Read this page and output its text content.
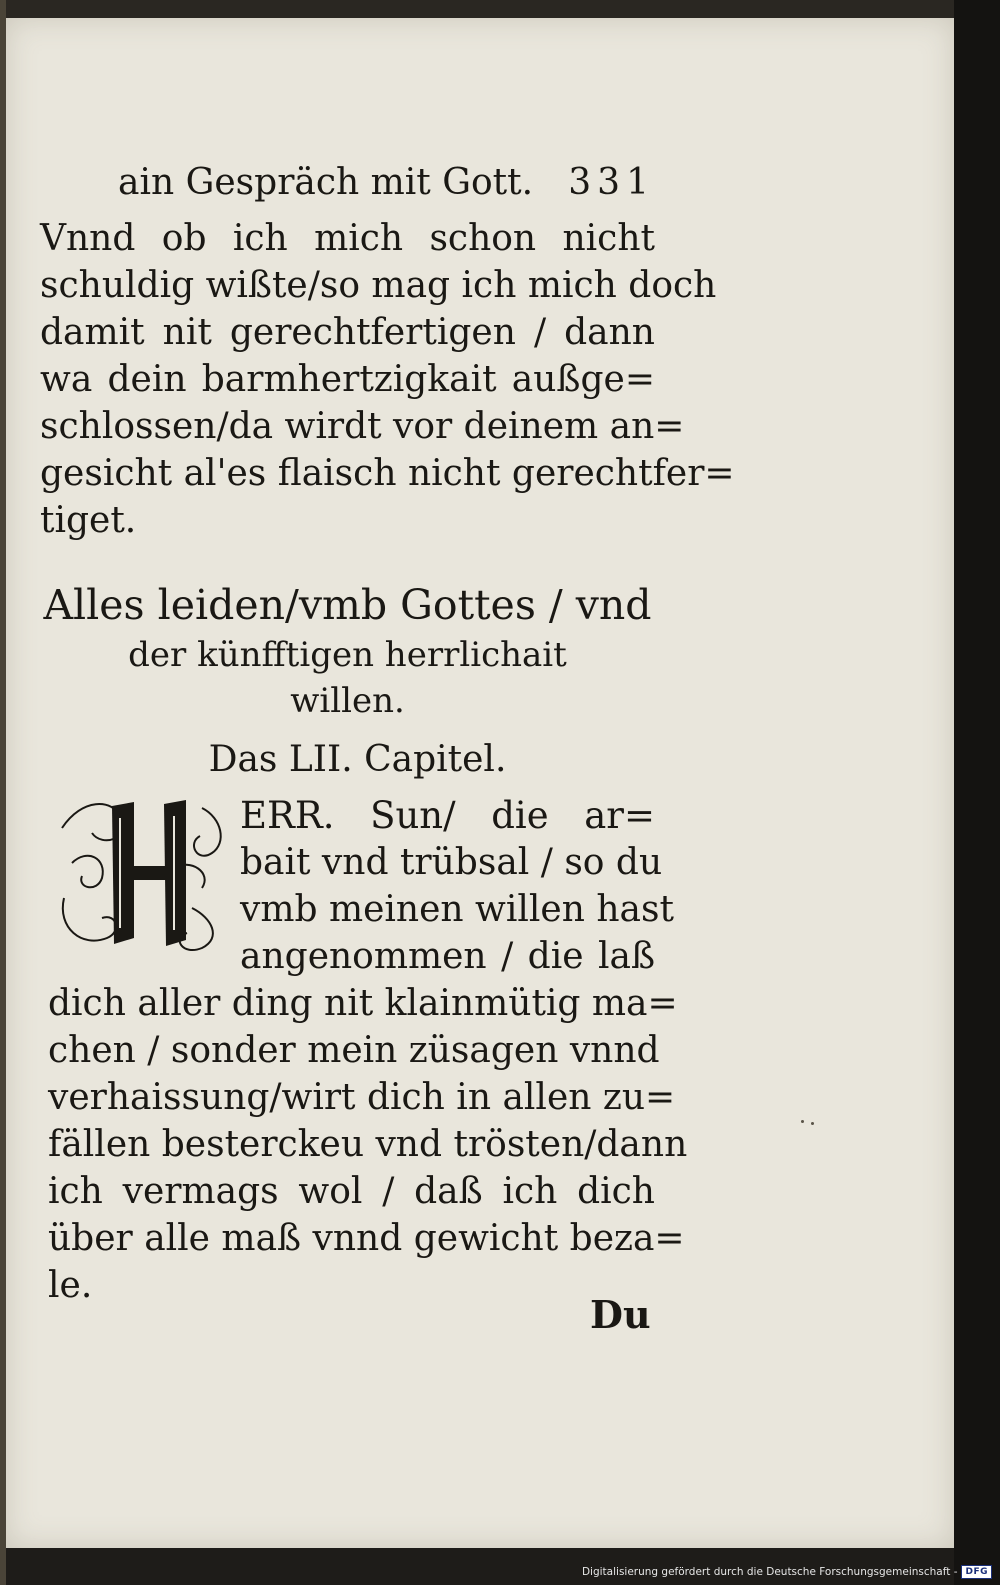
ain Gespräch mit Gott. 331
Vnnd ob ich mich schon nicht
schuldig wißte/so mag ich mich doch
damit nit gerechtfertigen / dann
wa dein barmhertzigkait außge=
schlossen/da wirdt vor deinem an=
gesicht al'es flaisch nicht gerechtfer=
tiget.
Alles leiden/vmb Gottes / vnd
der künfftigen herrlichait
willen.
Das LII. Capitel.
ERR. Sun/ die ar=
bait vnd trübsal / so du
vmb meinen willen hast
angenommen / die laß
dich aller ding nit klainmütig ma=
chen / sonder mein züsagen vnnd
verhaissung/wirt dich in allen zu=
fällen besterckeu vnd trösten/dann
ich vermags wol / daß ich dich
über alle maß vnnd gewicht beza=
le.
Du
Digitalisierung gefördert durch die Deutsche Forschungsgemeinschaft - DFG
